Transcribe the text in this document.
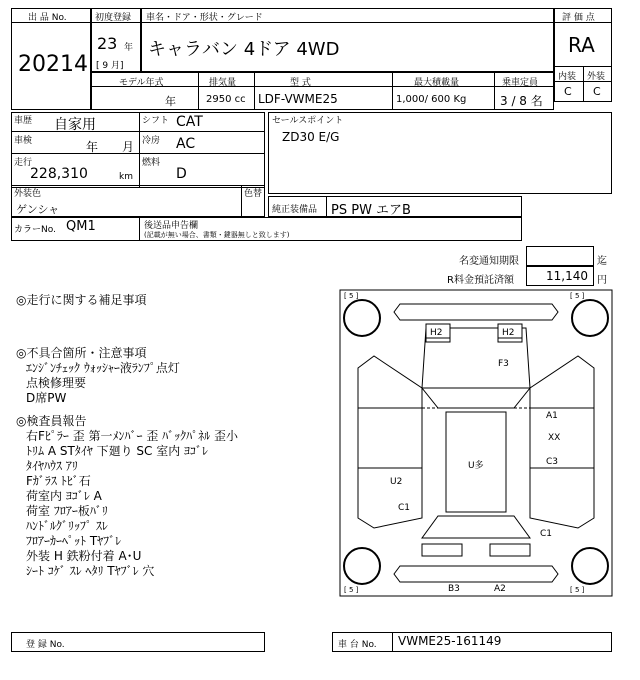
出 品 No.
20214
初度登録
23 年
[ 9 月]
車名・ドア・形状・グレード
キャラバン 4ドア 4WD
評 価 点
RA
内装 外装
C C
モデル年式	排気量	型 式	最大積載量	乗車定員
年	2950 cc LDF-VWME25	1,000/ 600 Kg	3 / 8 名
車歴 自家用	シフト CAT
車検	年 月 冷房 AC
走行
228,310	km
燃料
D
セールスポイント
ZD30 E/G
外装色
ゲンシャ
色替
純正装備品 PS PW エアB
カラーNo. QM1	後送品申告欄
(記載が無い場合、書類・鍵器無しと致します)
名変通知期限	迄
R料金預託済額	11,140 円
◎走行に関する補足事項
◎不具合箇所・注意事項
ｴﾝｼﾞﾝﾁｪｯｸ ｳｫｯｼｬｰ液ﾗﾝﾌﾟ点灯
点検修理要
D席PW
◎検査員報告
右Fﾋﾟﾗｰ 歪 第一ﾒﾝﾊﾞｰ 歪 ﾊﾞｯｸﾊﾟﾈﾙ 歪小
ﾄﾘﾑ A STﾀｲﾔ 下廻り SC 室内 ﾖｺﾞﾚ
ﾀｲﾔﾊｳｽ ｱﾘ
Fｶﾞﾗｽ ﾄﾋﾞ石
荷室内 ﾖｺﾞﾚ A
荷室 ﾌﾛｱｰ板ﾊﾞﾘ
ﾊﾝﾄﾞﾙｸﾞﾘｯﾌﾟ ｽﾚ
ﾌﾛｱｰｶｰﾍﾟｯﾄ Tﾔﾌﾞﾚ
外装 H 鉄粉付着 A･U
ｼｰﾄ ｺｹﾞ ｽﾚ ﾍﾀﾘ Tﾔﾌﾞﾚ 穴
[ 5 ]	[ 5 ]
[ 5 ]	[ 5 ]
H2	H2
F3
A1
XX
C3
U2
U多
C1
C1
B3	A2
登 録 No.	車 台 No. VWME25-161149
